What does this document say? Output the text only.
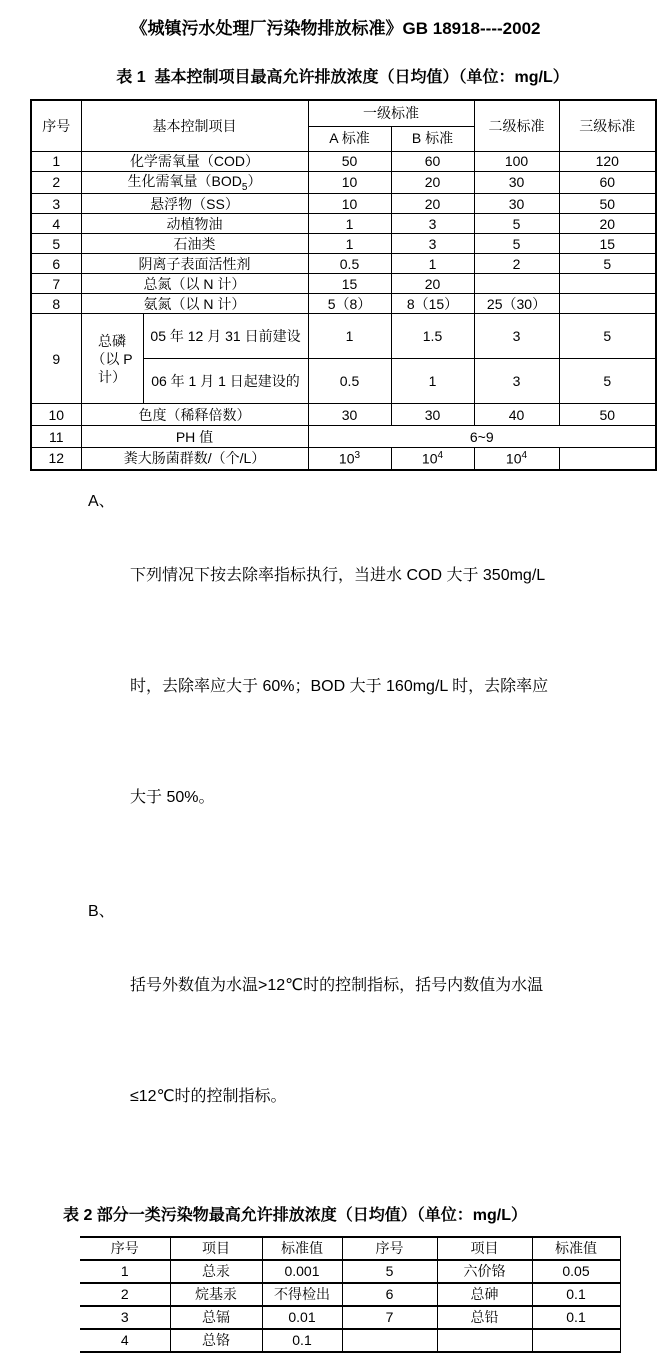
《城镇污水处理厂污染物排放标准》GB 18918----2002
表 1  基本控制项目最高允许排放浓度（日均值）（单位：mg/L）
序号	基本控制项目		一级标准		二级标准	三级标准
			A 标准	B 标准		
1	化学需氧量（COD）		50	60	100	120
2	生化需氧量$(BOD_5)$		10	20	30	60
3	悬浮物（SS）		10	20	30	50
4	动植物油		1	3	5	20
5	石油类		1	3	5	15
6	阴离子表面活性剂		0.5	1	2	5
7	总氮（以 N 计）		15	20		
8	氨氮（以 N 计）		5（8）	8（15）	25（30）	
9	总磷 （以 P 计）	05 年 12 月 31 日前建设	1	1.5	3	5
		06 年 1 月 1 日起建设的	0.5	1	3	5
10	色度（稀释倍数）		30	30	40	50
11	PH 值		6~9			
12	粪大肠菌群数/（个/L）		$10^3$	$10^4$	$10^4$	
A、

下列情况下按去除率指标执行，当进水 COD 大于 350mg/L

时，去除率应大于 60%；BOD 大于 160mg/L 时，去除率应

大于 50%。

B、

括号外数值为水温>12℃时的控制指标，括号内数值为水温

≤12℃时的控制指标。

表 2 部分一类污染物最高允许排放浓度（日均值）（单位：mg/L）
序号	项目	标准值	序号	项目	标准值
1	总汞	0.001	5	六价铬	0.05
2	烷基汞	不得检出	6	总砷	0.1
3	总镉	0.01	7	总铅	0.1
4	总铬	0.1			
